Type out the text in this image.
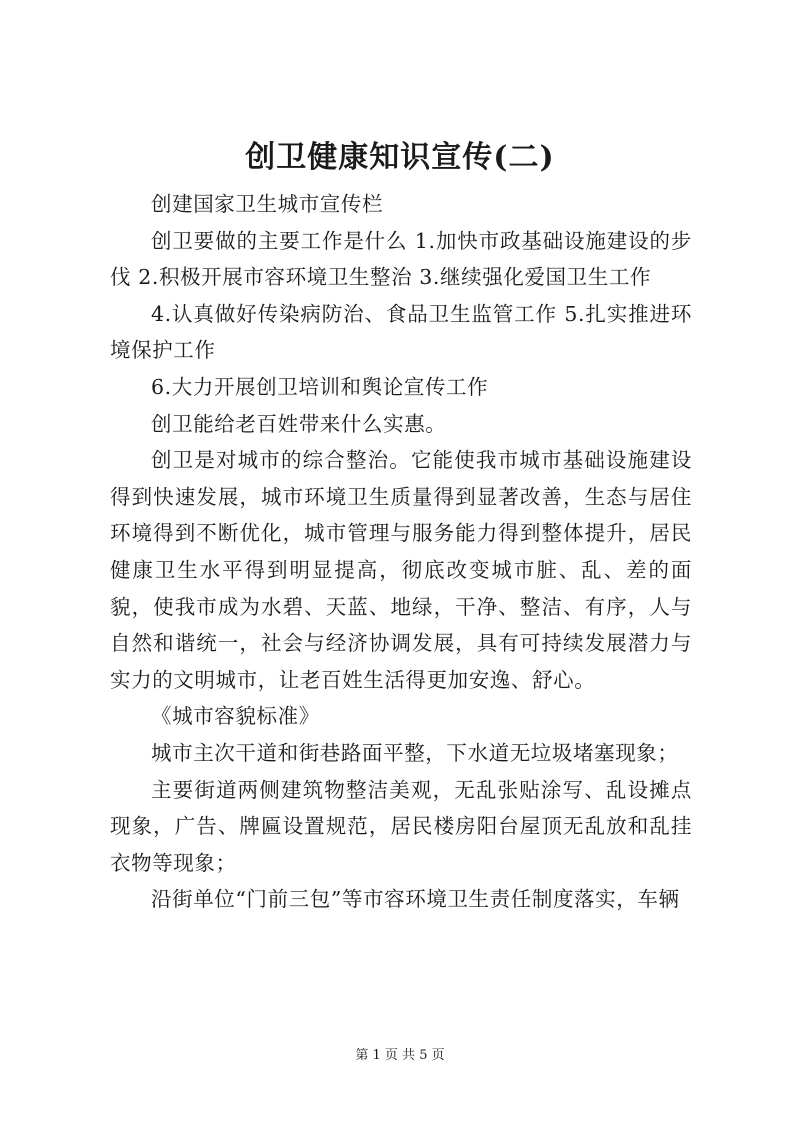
创卫健康知识宣传(二)

创建国家卫生城市宣传栏

创卫要做的主要工作是什么 1.加快市政基础设施建设的步伐 2.积极开展市容环境卫生整治 3.继续强化爱国卫生工作

4.认真做好传染病防治、食品卫生监管工作 5.扎实推进环境保护工作

6.大力开展创卫培训和舆论宣传工作

创卫能给老百姓带来什么实惠。

创卫是对城市的综合整治。它能使我市城市基础设施建设得到快速发展，城市环境卫生质量得到显著改善，生态与居住环境得到不断优化，城市管理与服务能力得到整体提升，居民健康卫生水平得到明显提高，彻底改变城市脏、乱、差的面貌，使我市成为水碧、天蓝、地绿，干净、整洁、有序，人与自然和谐统一，社会与经济协调发展，具有可持续发展潜力与实力的文明城市，让老百姓生活得更加安逸、舒心。

《城市容貌标准》

城市主次干道和街巷路面平整，下水道无垃圾堵塞现象；

主要街道两侧建筑物整洁美观，无乱张贴涂写、乱设摊点现象，广告、牌匾设置规范，居民楼房阳台屋顶无乱放和乱挂衣物等现象；

沿街单位“门前三包”等市容环境卫生责任制度落实，车辆

第 1 页 共 5 页
